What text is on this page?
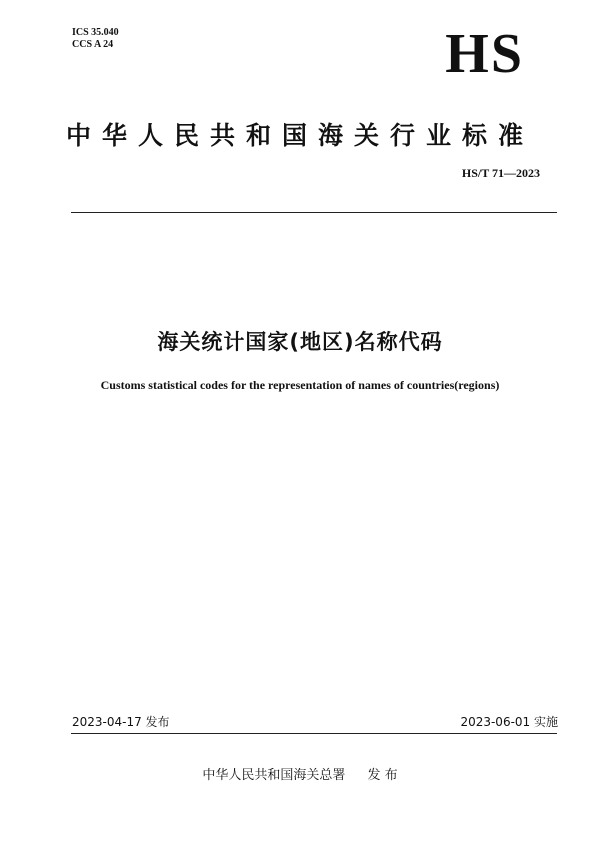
ICS 35.040
CCS A 24	HS
中华人民共和国海关行业标准
HS/T 71—2023
海关统计国家(地区)名称代码
Customs statistical codes for the representation of names of countries(regions)
2023-04-17 发布	2023-06-01 实施
中华人民共和国海关总署 发 布
